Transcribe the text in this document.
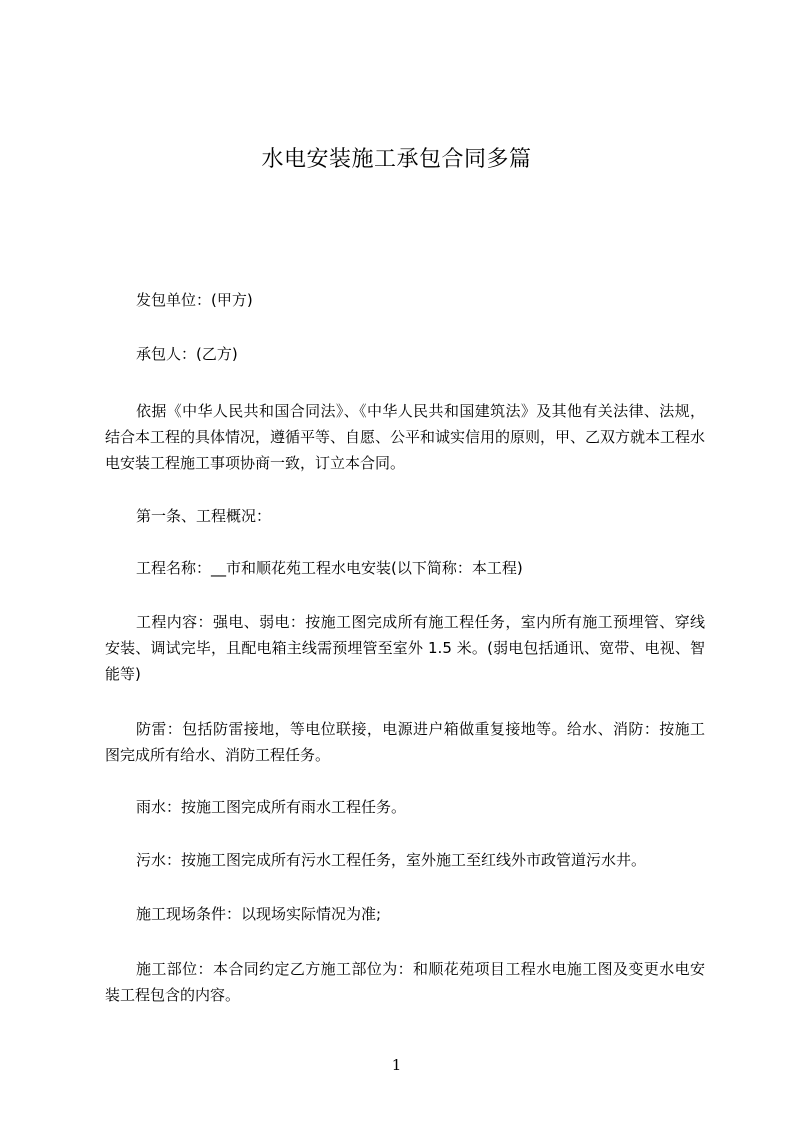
水电安装施工承包合同多篇
发包单位：(甲方)
承包人：(乙方)
依据《中华人民共和国合同法》、《中华人民共和国建筑法》及其他有关法律、法规，结合本工程的具体情况，遵循平等、自愿、公平和诚实信用的原则，甲、乙双方就本工程水电安装工程施工事项协商一致，订立本合同。
第一条、工程概况：
工程名称：__市和顺花苑工程水电安装(以下简称：本工程)
工程内容：强电、弱电：按施工图完成所有施工程任务，室内所有施工预埋管、穿线安装、调试完毕，且配电箱主线需预埋管至室外 1.5 米。(弱电包括通讯、宽带、电视、智能等)
防雷：包括防雷接地，等电位联接，电源进户箱做重复接地等。给水、消防：按施工图完成所有给水、消防工程任务。
雨水：按施工图完成所有雨水工程任务。
污水：按施工图完成所有污水工程任务，室外施工至红线外市政管道污水井。
施工现场条件：以现场实际情况为准;
施工部位：本合同约定乙方施工部位为：和顺花苑项目工程水电施工图及变更水电安装工程包含的内容。
1
